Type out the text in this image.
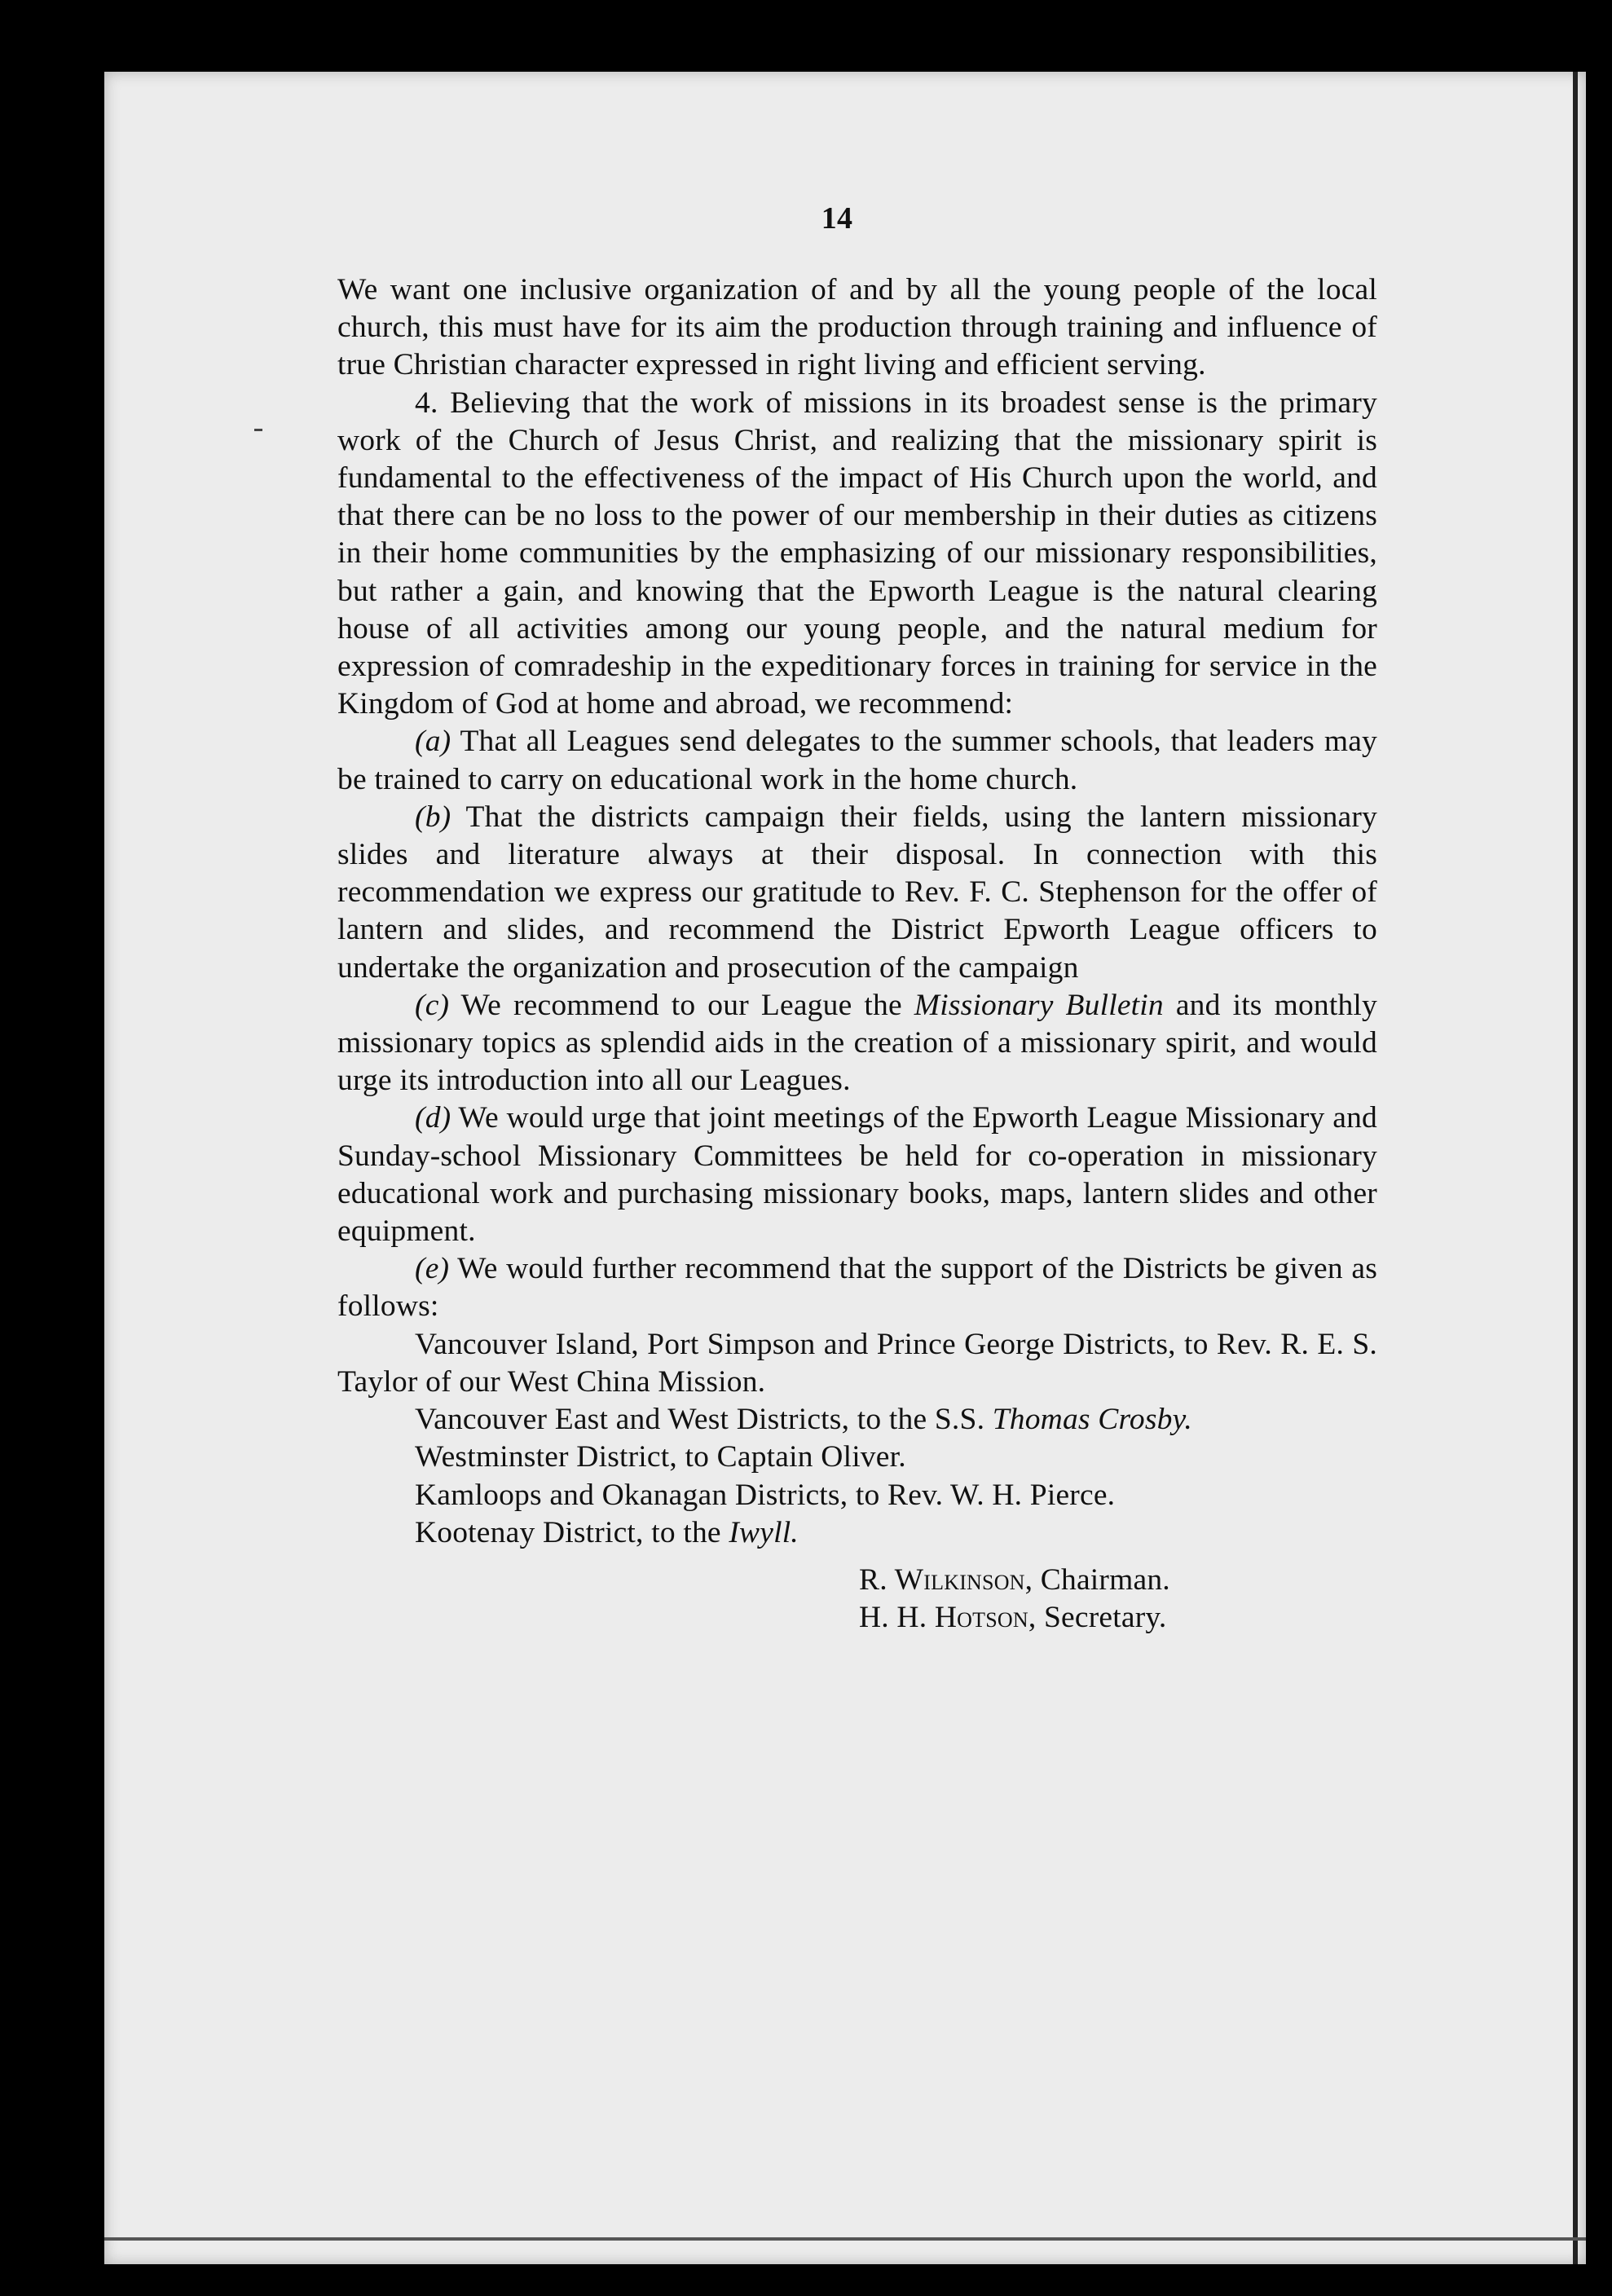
14

We want one inclusive organization of and by all the young people of the local church, this must have for its aim the production through training and influence of true Christian character expressed in right living and efficient serving.

4. Believing that the work of missions in its broadest sense is the primary work of the Church of Jesus Christ, and realizing that the missionary spirit is fundamental to the effectiveness of the impact of His Church upon the world, and that there can be no loss to the power of our membership in their duties as citizens in their home communities by the emphasizing of our missionary responsibilities, but rather a gain, and knowing that the Epworth League is the natural clearing house of all activities among our young people, and the natural medium for expression of comradeship in the expeditionary forces in training for service in the Kingdom of God at home and abroad, we recommend:

(a) That all Leagues send delegates to the summer schools, that leaders may be trained to carry on educational work in the home church.

(b) That the districts campaign their fields, using the lantern missionary slides and literature always at their disposal. In connection with this recommendation we express our gratitude to Rev. F. C. Stephenson for the offer of lantern and slides, and recommend the District Epworth League officers to undertake the organization and prosecution of the campaign

(c) We recommend to our League the Missionary Bulletin and its monthly missionary topics as splendid aids in the creation of a missionary spirit, and would urge its introduction into all our Leagues.

(d) We would urge that joint meetings of the Epworth League Missionary and Sunday-school Missionary Committees be held for co-operation in missionary educational work and purchasing missionary books, maps, lantern slides and other equipment.

(e) We would further recommend that the support of the Districts be given as follows:

Vancouver Island, Port Simpson and Prince George Districts, to Rev. R. E. S. Taylor of our West China Mission.

Vancouver East and West Districts, to the S.S. Thomas Crosby.

Westminster District, to Captain Oliver.

Kamloops and Okanagan Districts, to Rev. W. H. Pierce.

Kootenay District, to the Iwyll.

R. Wilkinson, Chairman.

H. H. Hotson, Secretary.
